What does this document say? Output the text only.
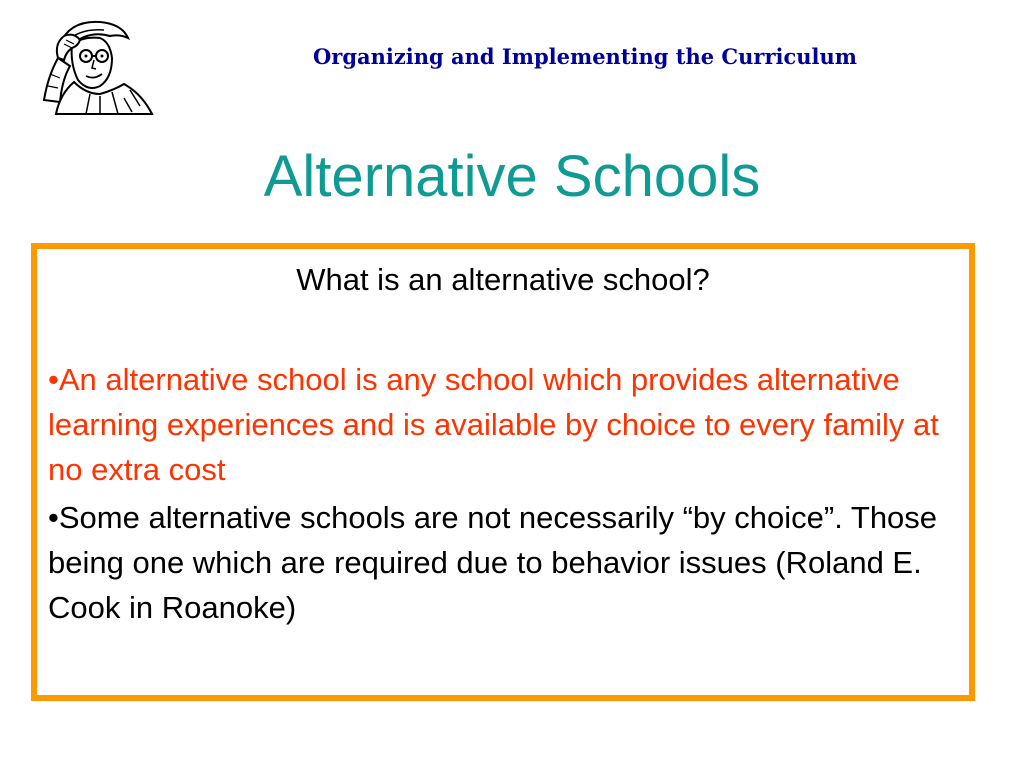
Organizing and Implementing the Curriculum
Alternative Schools
What is an alternative school?
•An alternative school is any school which provides alternative learning experiences and is available by choice to every family at no extra cost
•Some alternative schools are not necessarily “by choice”. Those being one which are required due to behavior issues (Roland E. Cook in Roanoke)
